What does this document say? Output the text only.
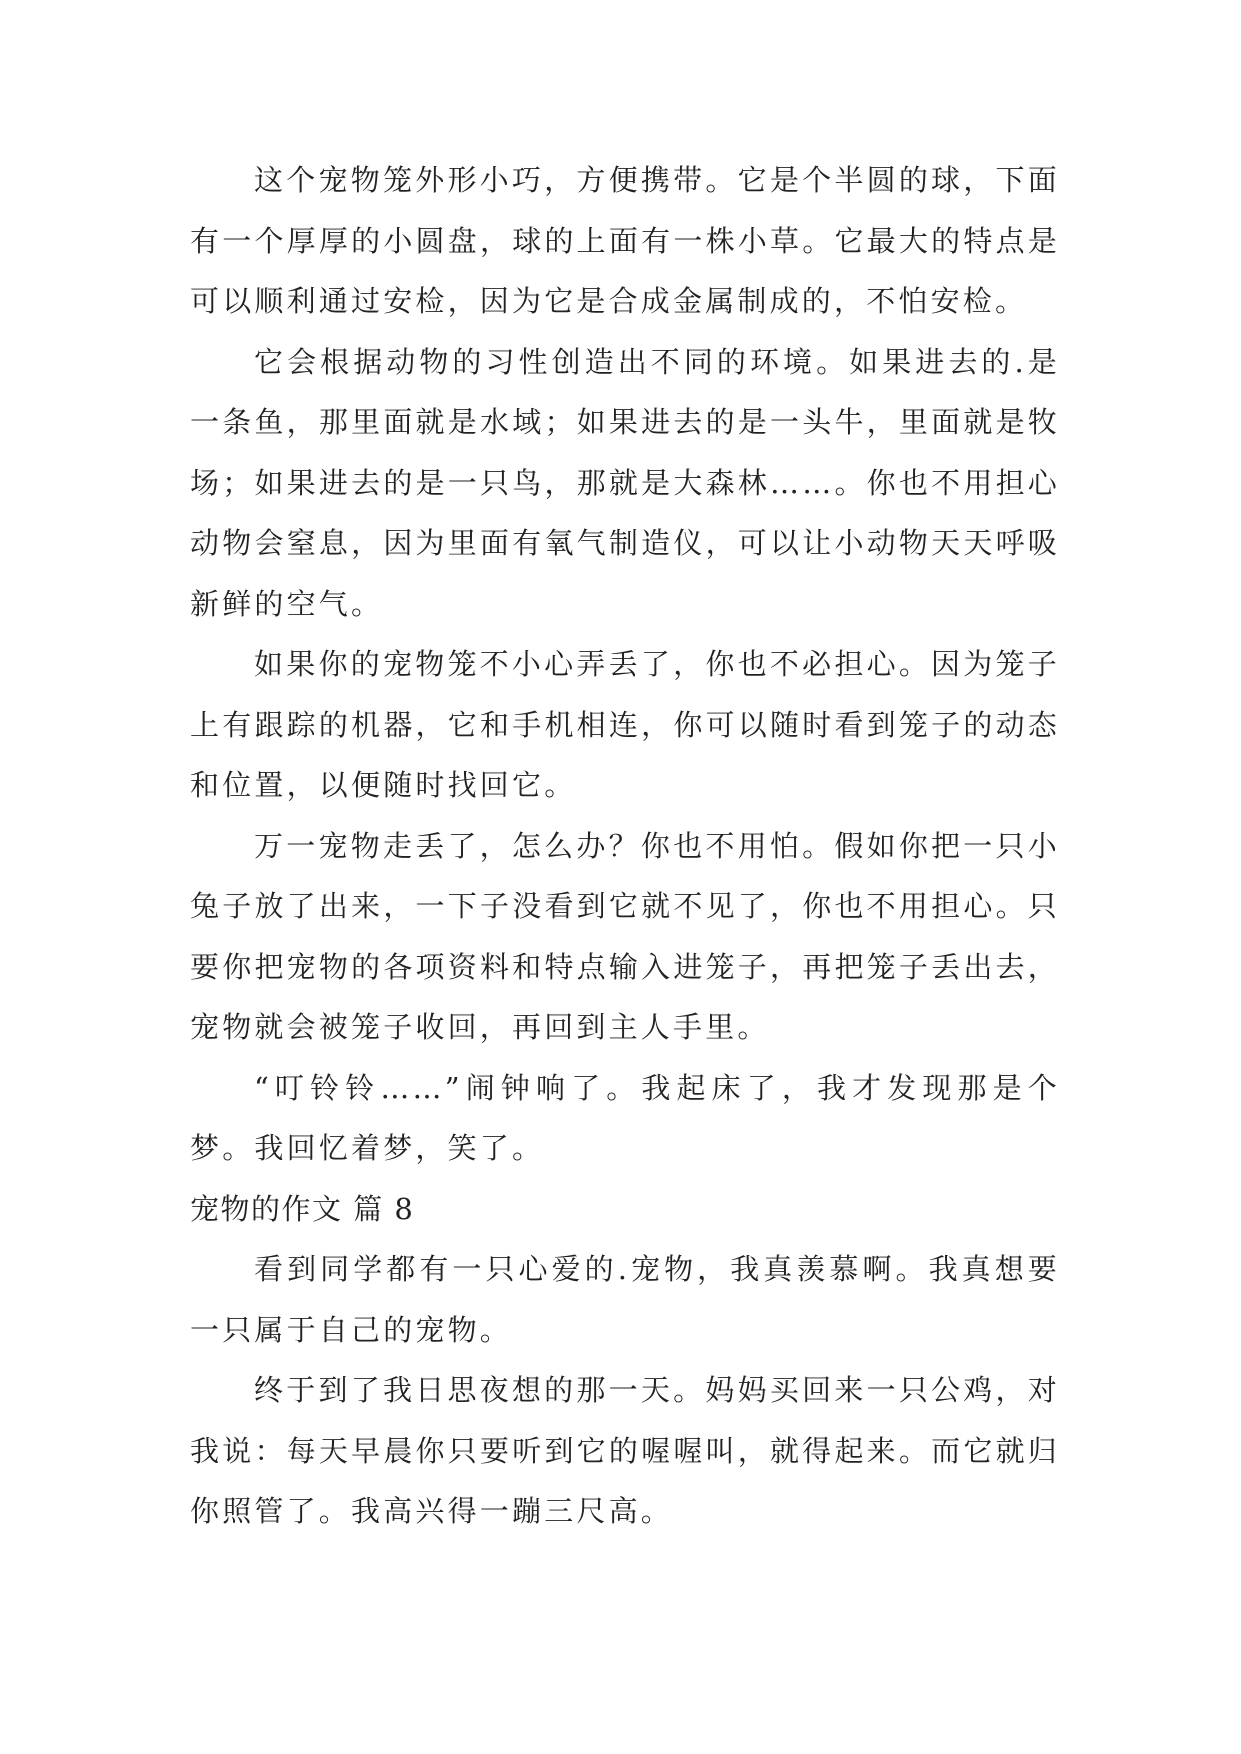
这个宠物笼外形小巧，方便携带。它是个半圆的球，下面有一个厚厚的小圆盘，球的上面有一株小草。它最大的特点是可以顺利通过安检，因为它是合成金属制成的，不怕安检。

它会根据动物的习性创造出不同的环境。如果进去的.是一条鱼，那里面就是水域；如果进去的是一头牛，里面就是牧场；如果进去的是一只鸟，那就是大森林……。你也不用担心动物会窒息，因为里面有氧气制造仪，可以让小动物天天呼吸新鲜的空气。

如果你的宠物笼不小心弄丢了，你也不必担心。因为笼子上有跟踪的机器，它和手机相连，你可以随时看到笼子的动态和位置，以便随时找回它。

万一宠物走丢了，怎么办？你也不用怕。假如你把一只小兔子放了出来，一下子没看到它就不见了，你也不用担心。只要你把宠物的各项资料和特点输入进笼子，再把笼子丢出去，宠物就会被笼子收回，再回到主人手里。

“叮铃铃……”闹钟响了。我起床了，我才发现那是个梦。我回忆着梦，笑了。

宠物的作文 篇 8

看到同学都有一只心爱的.宠物，我真羡慕啊。我真想要一只属于自己的宠物。

终于到了我日思夜想的那一天。妈妈买回来一只公鸡，对我说：每天早晨你只要听到它的喔喔叫，就得起来。而它就归你照管了。我高兴得一蹦三尺高。
